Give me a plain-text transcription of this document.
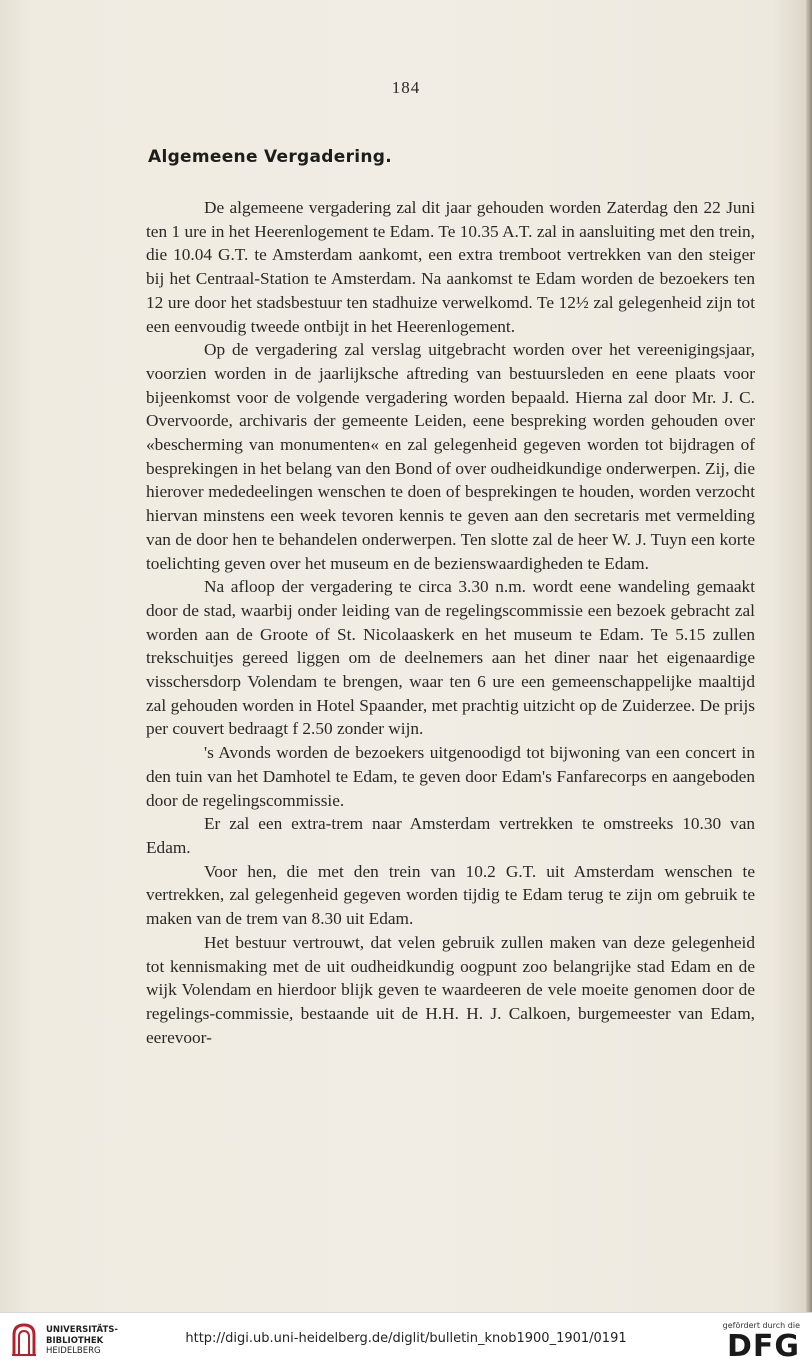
184
Algemeene Vergadering.

De algemeene vergadering zal dit jaar gehouden worden Zaterdag den 22 Juni ten 1 ure in het Heerenlogement te Edam. Te 10.35 A.T. zal in aansluiting met den trein, die 10.04 G.T. te Amsterdam aankomt, een extra tremboot vertrekken van den steiger bij het Centraal-Station te Amsterdam. Na aankomst te Edam worden de bezoekers ten 12 ure door het stadsbestuur ten stadhuize verwelkomd. Te 12½ zal gelegenheid zijn tot een eenvoudig tweede ontbijt in het Heerenlogement.

Op de vergadering zal verslag uitgebracht worden over het vereenigingsjaar, voorzien worden in de jaarlijksche aftreding van bestuursleden en eene plaats voor bijeenkomst voor de volgende vergadering worden bepaald. Hierna zal door Mr. J. C. Overvoorde, archivaris der gemeente Leiden, eene bespreking worden gehouden over «bescherming van monumenten« en zal gelegenheid gegeven worden tot bijdragen of besprekingen in het belang van den Bond of over oudheidkundige onderwerpen. Zij, die hierover mededeelingen wenschen te doen of besprekingen te houden, worden verzocht hiervan minstens een week tevoren kennis te geven aan den secretaris met vermelding van de door hen te behandelen onderwerpen. Ten slotte zal de heer W. J. Tuyn een korte toelichting geven over het museum en de bezienswaardigheden te Edam.

Na afloop der vergadering te circa 3.30 n.m. wordt eene wandeling gemaakt door de stad, waarbij onder leiding van de regelingscommissie een bezoek gebracht zal worden aan de Groote of St. Nicolaaskerk en het museum te Edam. Te 5.15 zullen trekschuitjes gereed liggen om de deelnemers aan het diner naar het eigenaardige visschersdorp Volendam te brengen, waar ten 6 ure een gemeenschappelijke maaltijd zal gehouden worden in Hotel Spaander, met prachtig uitzicht op de Zuiderzee. De prijs per couvert bedraagt f 2.50 zonder wijn.

's Avonds worden de bezoekers uitgenoodigd tot bijwoning van een concert in den tuin van het Damhotel te Edam, te geven door Edam's Fanfarecorps en aangeboden door de regelingscommissie.

Er zal een extra-trem naar Amsterdam vertrekken te omstreeks 10.30 van Edam.

Voor hen, die met den trein van 10.2 G.T. uit Amsterdam wenschen te vertrekken, zal gelegenheid gegeven worden tijdig te Edam terug te zijn om gebruik te maken van de trem van 8.30 uit Edam.

Het bestuur vertrouwt, dat velen gebruik zullen maken van deze gelegenheid tot kennismaking met de uit oudheidkundig oogpunt zoo belangrijke stad Edam en de wijk Volendam en hierdoor blijk geven te waardeeren de vele moeite genomen door de regelings-commissie, bestaande uit de H.H. H. J. Calkoen, burgemeester van Edam, eerevoor-

UNIVERSITÄTS-
BIBLIOTHEK
HEIDELBERG
http://digi.ub.uni-heidelberg.de/diglit/bulletin_knob1900_1901/0191
gefördert durch die
DFG
